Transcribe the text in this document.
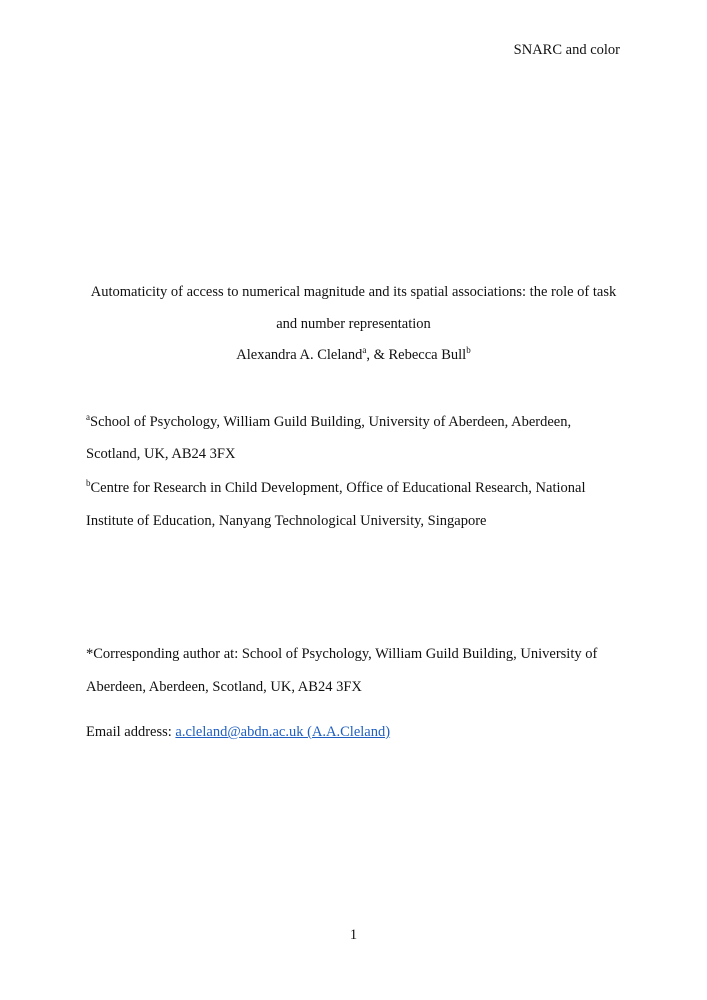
SNARC and color
Automaticity of access to numerical magnitude and its spatial associations: the role of task
and number representation
Alexandra A. Cleland$^a$, & Rebecca Bull$^b$
$^a$School of Psychology, William Guild Building, University of Aberdeen, Aberdeen,
Scotland, UK, AB24 3FX
$^b$Centre for Research in Child Development, Office of Educational Research, National
Institute of Education, Nanyang Technological University, Singapore
*Corresponding author at: School of Psychology, William Guild Building, University of
Aberdeen, Aberdeen, Scotland, UK, AB24 3FX
Email address: a.cleland@abdn.ac.uk (A.A.Cleland)
1
